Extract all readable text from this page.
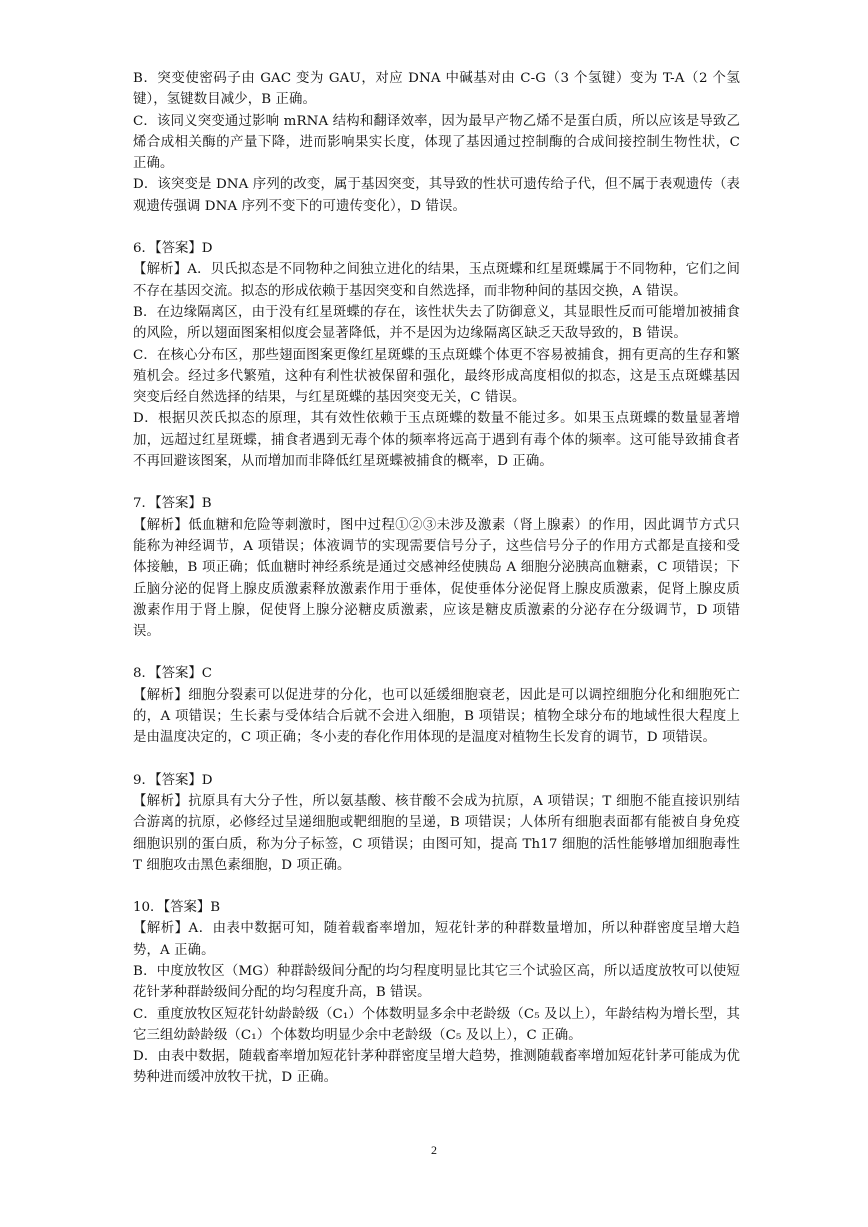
B．突变使密码子由 GAC 变为 GAU，对应 DNA 中碱基对由 C-G（3 个氢键）变为 T-A（2 个氢键），氢键数目减少，B 正确。

C．该同义突变通过影响 mRNA 结构和翻译效率，因为最早产物乙烯不是蛋白质，所以应该是导致乙烯合成相关酶的产量下降，进而影响果实长度，体现了基因通过控制酶的合成间接控制生物性状，C 正确。

D．该突变是 DNA 序列的改变，属于基因突变，其导致的性状可遗传给子代，但不属于表观遗传（表观遗传强调 DNA 序列不变下的可遗传变化），D 错误。

6．【答案】D

【解析】A．贝氏拟态是不同物种之间独立进化的结果，玉点斑蝶和红星斑蝶属于不同物种，它们之间不存在基因交流。拟态的形成依赖于基因突变和自然选择，而非物种间的基因交换，A 错误。

B．在边缘隔离区，由于没有红星斑蝶的存在，该性状失去了防御意义，其显眼性反而可能增加被捕食的风险，所以翅面图案相似度会显著降低，并不是因为边缘隔离区缺乏天敌导致的，B 错误。

C．在核心分布区，那些翅面图案更像红星斑蝶的玉点斑蝶个体更不容易被捕食，拥有更高的生存和繁殖机会。经过多代繁殖，这种有利性状被保留和强化，最终形成高度相似的拟态，这是玉点斑蝶基因突变后经自然选择的结果，与红星斑蝶的基因突变无关，C 错误。

D．根据贝茨氏拟态的原理，其有效性依赖于玉点斑蝶的数量不能过多。如果玉点斑蝶的数量显著增加，远超过红星斑蝶，捕食者遇到无毒个体的频率将远高于遇到有毒个体的频率。这可能导致捕食者不再回避该图案，从而增加而非降低红星斑蝶被捕食的概率，D 正确。

7．【答案】B

【解析】低血糖和危险等刺激时，图中过程①②③未涉及激素（肾上腺素）的作用，因此调节方式只能称为神经调节，A 项错误；体液调节的实现需要信号分子，这些信号分子的作用方式都是直接和受体接触，B 项正确；低血糖时神经系统是通过交感神经使胰岛 A 细胞分泌胰高血糖素，C 项错误；下丘脑分泌的促肾上腺皮质激素释放激素作用于垂体，促使垂体分泌促肾上腺皮质激素，促肾上腺皮质激素作用于肾上腺，促使肾上腺分泌糖皮质激素，应该是糖皮质激素的分泌存在分级调节，D 项错误。

8．【答案】C

【解析】细胞分裂素可以促进芽的分化，也可以延缓细胞衰老，因此是可以调控细胞分化和细胞死亡的，A 项错误；生长素与受体结合后就不会进入细胞，B 项错误；植物全球分布的地域性很大程度上是由温度决定的，C 项正确；冬小麦的春化作用体现的是温度对植物生长发育的调节，D 项错误。

9．【答案】D

【解析】抗原具有大分子性，所以氨基酸、核苷酸不会成为抗原，A 项错误；T 细胞不能直接识别结合游离的抗原，必修经过呈递细胞或靶细胞的呈递，B 项错误；人体所有细胞表面都有能被自身免疫细胞识别的蛋白质，称为分子标签，C 项错误；由图可知，提高 Th17 细胞的活性能够增加细胞毒性 T 细胞攻击黑色素细胞，D 项正确。

10．【答案】B

【解析】A．由表中数据可知，随着载畜率增加，短花针茅的种群数量增加，所以种群密度呈增大趋势，A 正确。

B．中度放牧区（MG）种群龄级间分配的均匀程度明显比其它三个试验区高，所以适度放牧可以使短花针茅种群龄级间分配的均匀程度升高，B 错误。

C．重度放牧区短花针幼龄龄级（C₁）个体数明显多余中老龄级（C₅ 及以上），年龄结构为增长型，其它三组幼龄龄级（C₁）个体数均明显少余中老龄级（C₅ 及以上），C 正确。

D．由表中数据，随载畜率增加短花针茅种群密度呈增大趋势，推测随载畜率增加短花针茅可能成为优势种进而缓冲放牧干扰，D 正确。

2
